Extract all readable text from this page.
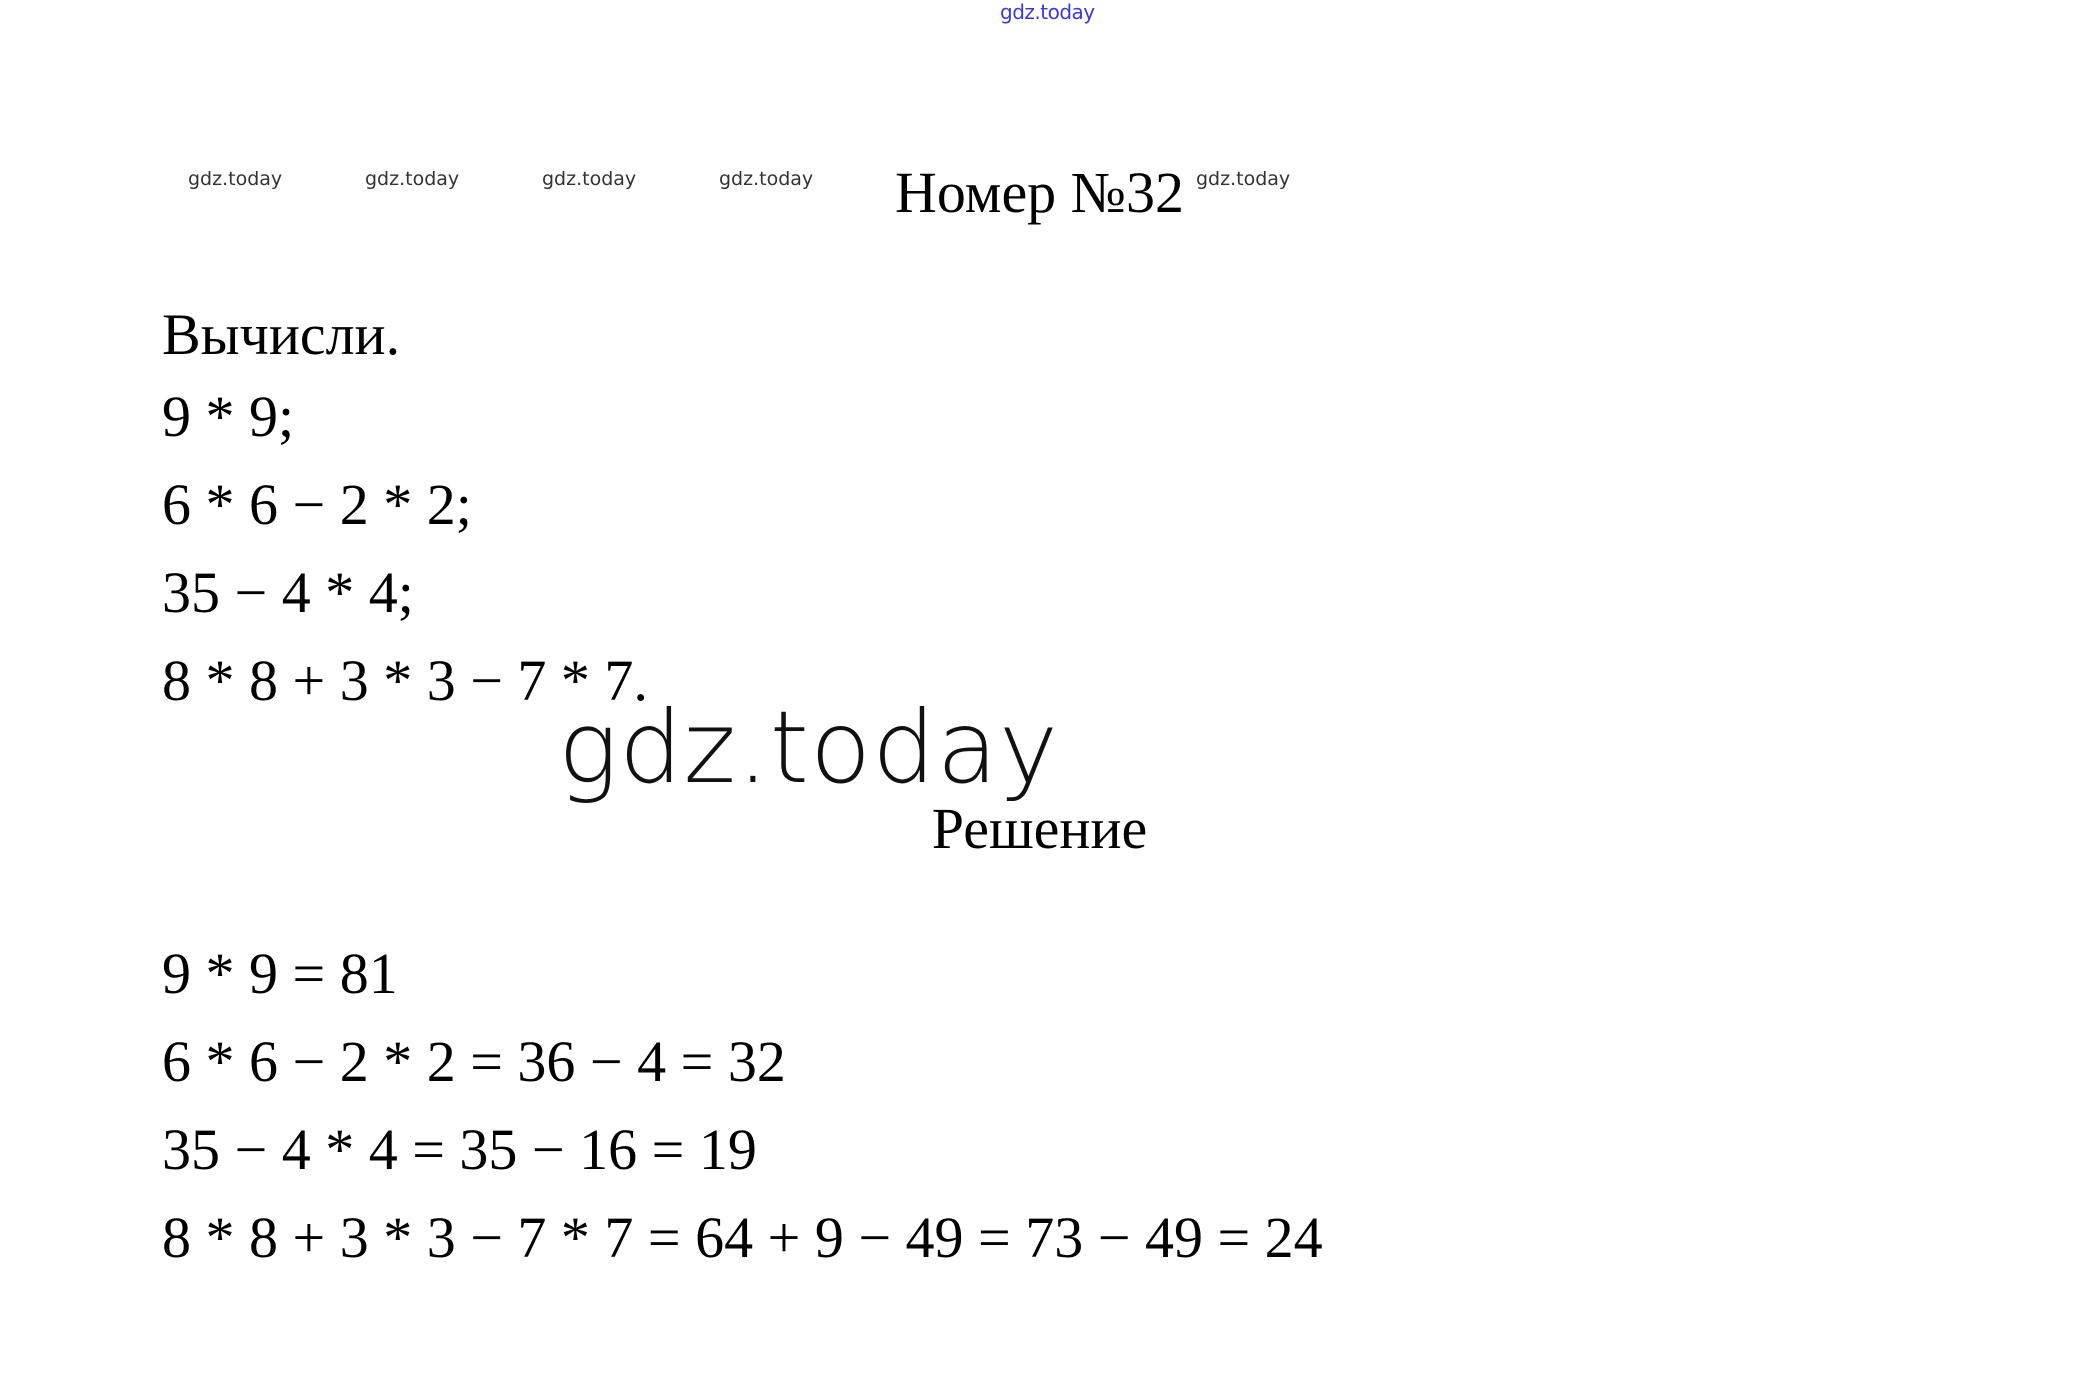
gdz.today
gdz.today	gdz.today	gdz.today	gdz.today	gdz.today
Номер №32
Вычисли.
9 * 9;
6 * 6 − 2 * 2;
35 − 4 * 4;
8 * 8 + 3 * 3 − 7 * 7.
gdz.today
Решение
9 * 9 = 81
6 * 6 − 2 * 2 = 36 − 4 = 32
35 − 4 * 4 = 35 − 16 = 19
8 * 8 + 3 * 3 − 7 * 7 = 64 + 9 − 49 = 73 − 49 = 24
